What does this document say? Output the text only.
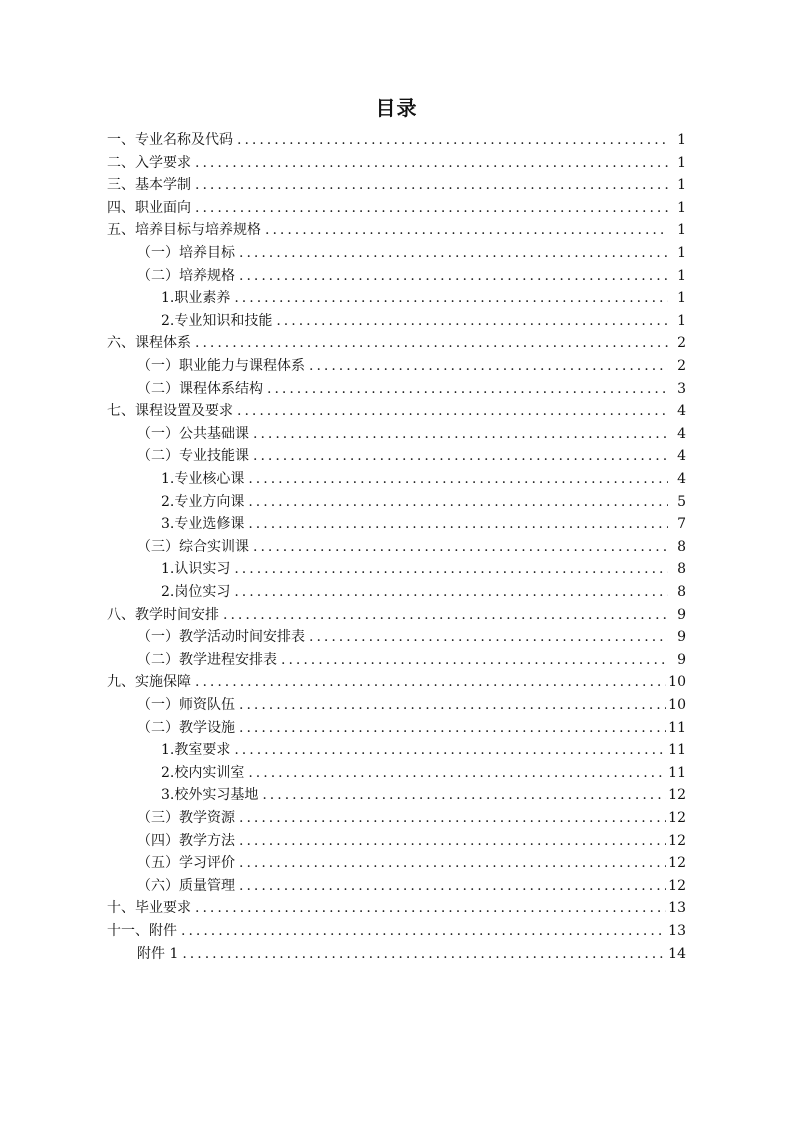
目录
一、专业名称及代码 .....	1
二、入学要求 .....	1
三、基本学制 .....	1
四、职业面向 .....	1
五、培养目标与培养规格 .....	1
（一）培养目标 .....	1
（二）培养规格 .....	1
1.职业素养 .....	1
2.专业知识和技能 .....	1
六、课程体系 .....	2
（一）职业能力与课程体系 .....	2
（二）课程体系结构 .....	3
七、课程设置及要求 .....	4
（一）公共基础课 .....	4
（二）专业技能课 .....	4
1.专业核心课 .....	4
2.专业方向课 .....	5
3.专业选修课 .....	7
（三）综合实训课 .....	8
1.认识实习 .....	8
2.岗位实习 .....	8
八、教学时间安排 .....	9
（一）教学活动时间安排表 .....	9
（二）教学进程安排表 .....	9
九、实施保障 .....	10
（一）师资队伍 .....	10
（二）教学设施 .....	11
1.教室要求 .....	11
2.校内实训室 .....	11
3.校外实习基地 .....	12
（三）教学资源 .....	12
（四）教学方法 .....	12
（五）学习评价 .....	12
（六）质量管理 .....	12
十、毕业要求 .....	13
十一、附件 .....	13
附件 1 .....	14
